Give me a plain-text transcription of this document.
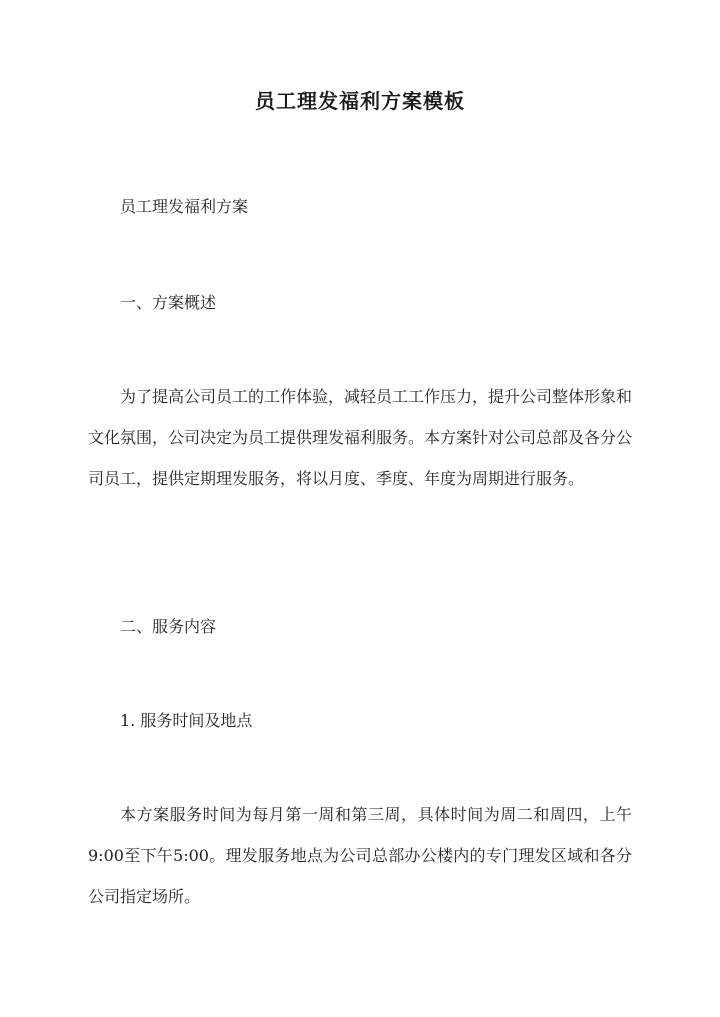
员工理发福利方案模板
员工理发福利方案
一、方案概述
为了提高公司员工的工作体验，减轻员工工作压力，提升公司整体形象和文化氛围，公司决定为员工提供理发福利服务。本方案针对公司总部及各分公司员工，提供定期理发服务，将以月度、季度、年度为周期进行服务。
二、服务内容
1. 服务时间及地点
本方案服务时间为每月第一周和第三周，具体时间为周二和周四，上午9:00至下午5:00。理发服务地点为公司总部办公楼内的专门理发区域和各分公司指定场所。
